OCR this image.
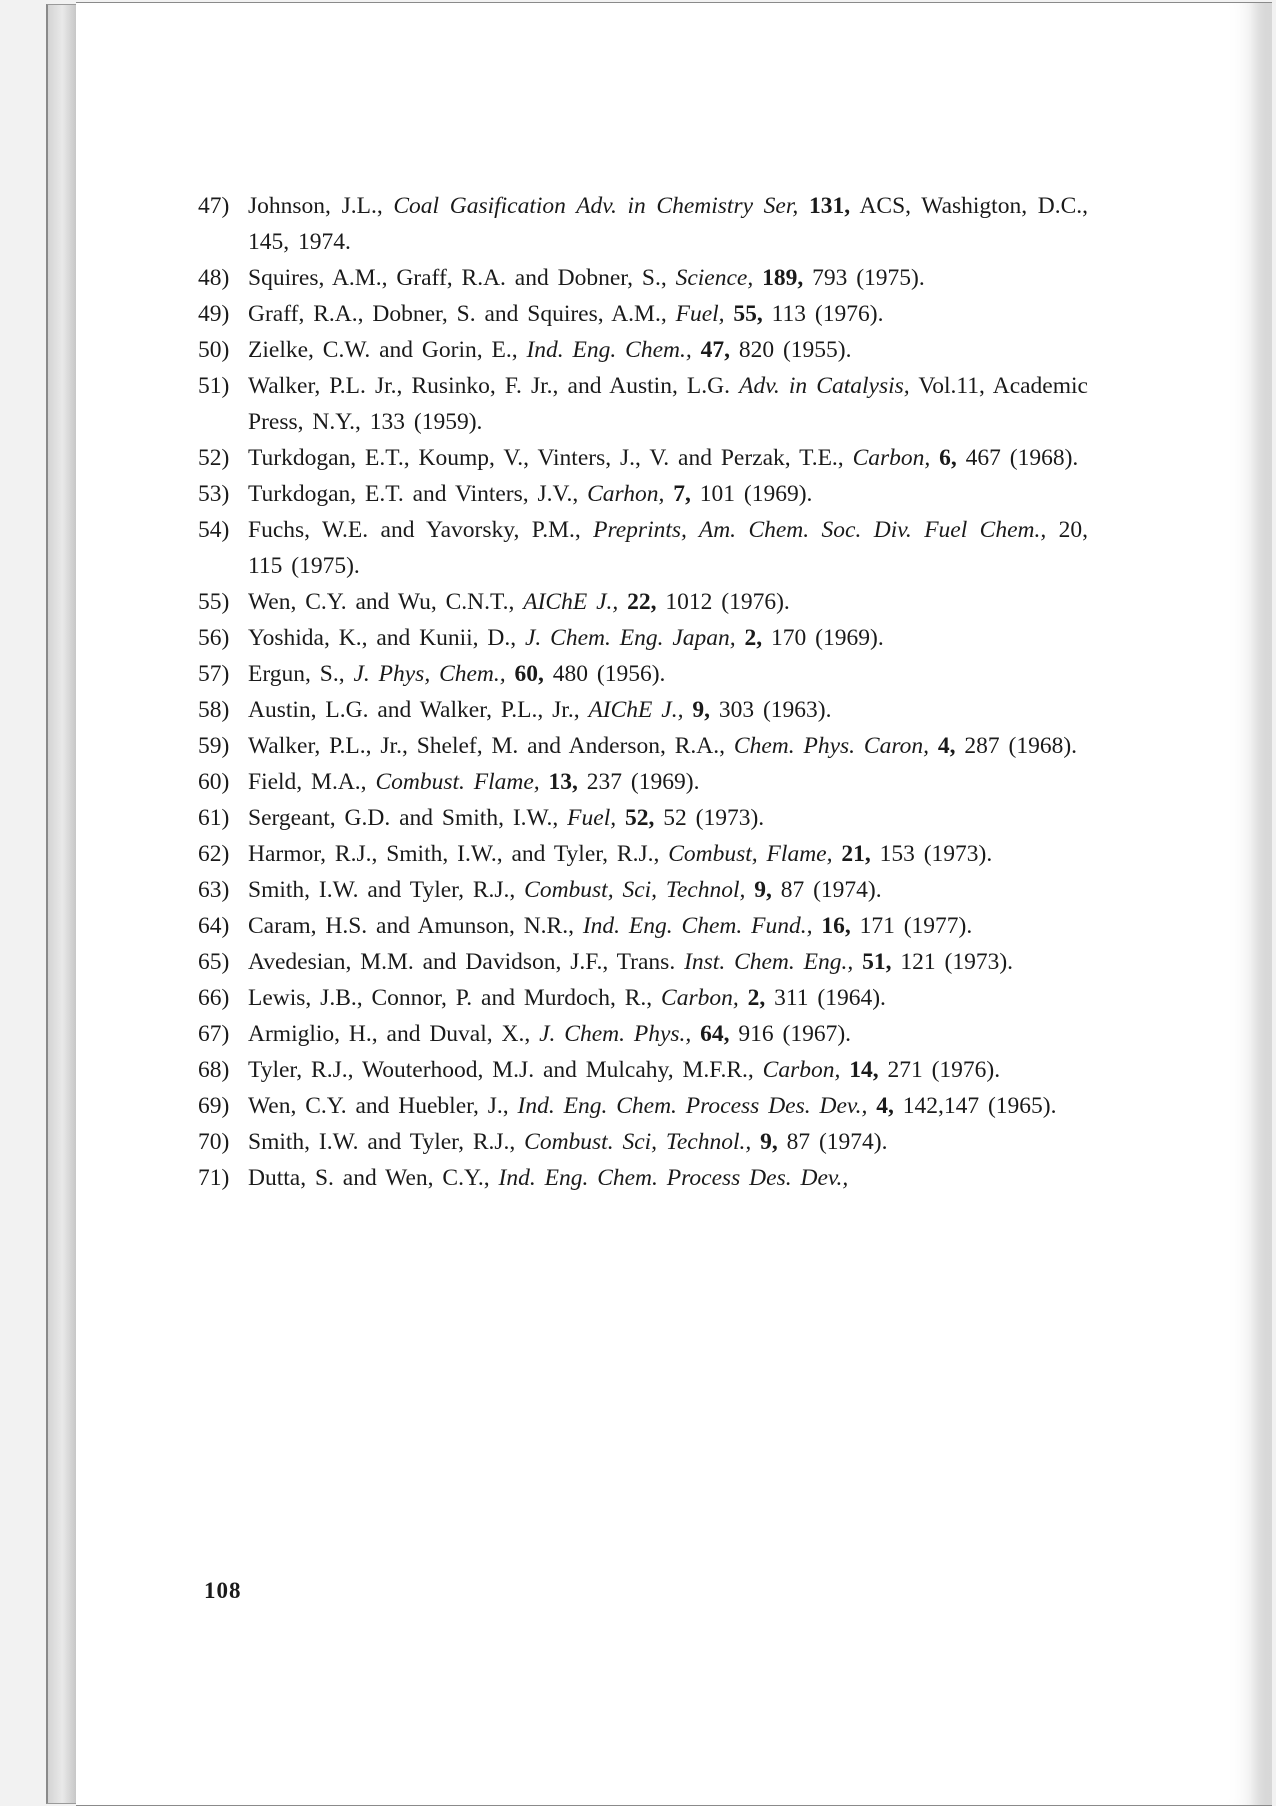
47) Johnson, J.L., Coal Gasification Adv. in Chemistry Ser, 131, ACS, Washigton, D.C., 145, 1974.
48) Squires, A.M., Graff, R.A. and Dobner, S., Science, 189, 793 (1975).
49) Graff, R.A., Dobner, S. and Squires, A.M., Fuel, 55, 113 (1976).
50) Zielke, C.W. and Gorin, E., Ind. Eng. Chem., 47, 820 (1955).
51) Walker, P.L. Jr., Rusinko, F. Jr., and Austin, L.G. Adv. in Catalysis, Vol.11, Academic Press, N.Y., 133 (1959).
52) Turkdogan, E.T., Koump, V., Vinters, J., V. and Perzak, T.E., Carbon, 6, 467 (1968).
53) Turkdogan, E.T. and Vinters, J.V., Carhon, 7, 101 (1969).
54) Fuchs, W.E. and Yavorsky, P.M., Preprints, Am. Chem. Soc. Div. Fuel Chem., 20, 115 (1975).
55) Wen, C.Y. and Wu, C.N.T., AIChE J., 22, 1012 (1976).
56) Yoshida, K., and Kunii, D., J. Chem. Eng. Japan, 2, 170 (1969).
57) Ergun, S., J. Phys, Chem., 60, 480 (1956).
58) Austin, L.G. and Walker, P.L., Jr., AIChE J., 9, 303 (1963).
59) Walker, P.L., Jr., Shelef, M. and Anderson, R.A., Chem. Phys. Caron, 4, 287 (1968).
60) Field, M.A., Combust. Flame, 13, 237 (1969).
61) Sergeant, G.D. and Smith, I.W., Fuel, 52, 52 (1973).
62) Harmor, R.J., Smith, I.W., and Tyler, R.J., Combust, Flame, 21, 153 (1973).
63) Smith, I.W. and Tyler, R.J., Combust, Sci, Technol, 9, 87 (1974).
64) Caram, H.S. and Amunson, N.R., Ind. Eng. Chem. Fund., 16, 171 (1977).
65) Avedesian, M.M. and Davidson, J.F., Trans. Inst. Chem. Eng., 51, 121 (1973).
66) Lewis, J.B., Connor, P. and Murdoch, R., Carbon, 2, 311 (1964).
67) Armiglio, H., and Duval, X., J. Chem. Phys., 64, 916 (1967).
68) Tyler, R.J., Wouterhood, M.J. and Mulcahy, M.F.R., Carbon, 14, 271 (1976).
69) Wen, C.Y. and Huebler, J., Ind. Eng. Chem. Process Des. Dev., 4, 142,147 (1965).
70) Smith, I.W. and Tyler, R.J., Combust. Sci, Technol., 9, 87 (1974).
71) Dutta, S. and Wen, C.Y., Ind. Eng. Chem. Process Des. Dev.,
108
